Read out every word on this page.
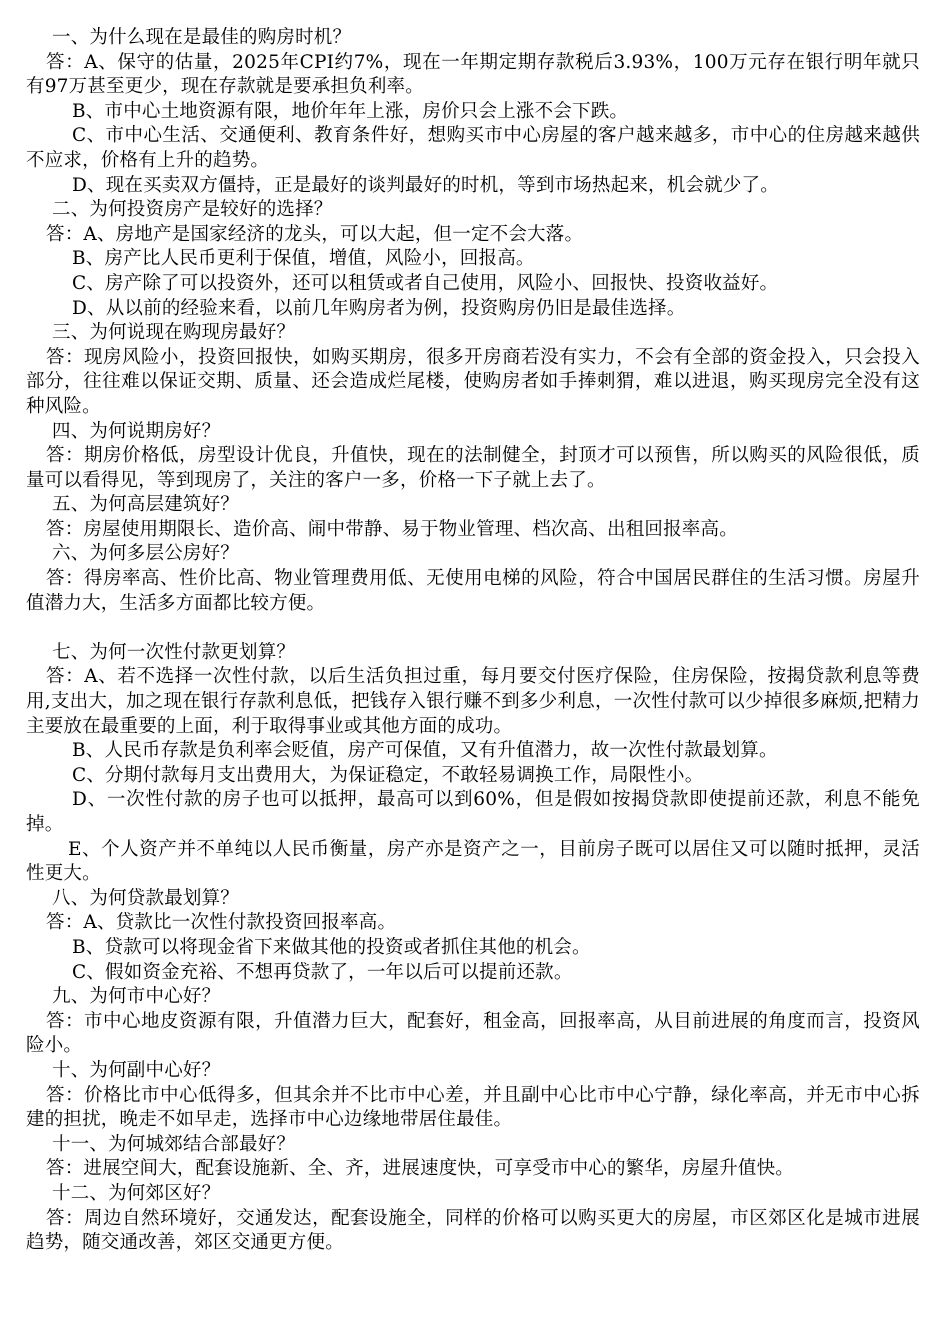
一、为什么现在是最佳的购房时机？

答：A、保守的估量，2025年CPI约7%，现在一年期定期存款税后3.93%，100万元存在银行明年就只有97万甚至更少，现在存款就是要承担负利率。

B、市中心土地资源有限，地价年年上涨，房价只会上涨不会下跌。

C、市中心生活、交通便利、教育条件好，想购买市中心房屋的客户越来越多，市中心的住房越来越供不应求，价格有上升的趋势。

D、现在买卖双方僵持，正是最好的谈判最好的时机，等到市场热起来，机会就少了。

二、为何投资房产是较好的选择？

答：A、房地产是国家经济的龙头，可以大起，但一定不会大落。

B、房产比人民币更利于保值，增值，风险小，回报高。

C、房产除了可以投资外，还可以租赁或者自己使用，风险小、回报快、投资收益好。

D、从以前的经验来看，以前几年购房者为例，投资购房仍旧是最佳选择。

三、为何说现在购现房最好？

答：现房风险小，投资回报快，如购买期房，很多开房商若没有实力，不会有全部的资金投入，只会投入部分，往往难以保证交期、质量、还会造成烂尾楼，使购房者如手捧刺猬，难以进退，购买现房完全没有这种风险。

四、为何说期房好？

答：期房价格低，房型设计优良，升值快，现在的法制健全，封顶才可以预售，所以购买的风险很低，质量可以看得见，等到现房了，关注的客户一多，价格一下子就上去了。

五、为何高层建筑好？

答：房屋使用期限长、造价高、闹中带静、易于物业管理、档次高、出租回报率高。

六、为何多层公房好？

答：得房率高、性价比高、物业管理费用低、无使用电梯的风险，符合中国居民群住的生活习惯。房屋升值潜力大，生活多方面都比较方便。

七、为何一次性付款更划算？

答：A、若不选择一次性付款，以后生活负担过重，每月要交付医疗保险，住房保险，按揭贷款利息等费用,支出大，加之现在银行存款利息低，把钱存入银行赚不到多少利息，一次性付款可以少掉很多麻烦,把精力主要放在最重要的上面，利于取得事业或其他方面的成功。

B、人民币存款是负利率会贬值，房产可保值，又有升值潜力，故一次性付款最划算。

C、分期付款每月支出费用大，为保证稳定，不敢轻易调换工作，局限性小。

D、一次性付款的房子也可以抵押，最高可以到60%，但是假如按揭贷款即使提前还款，利息不能免掉。

E、个人资产并不单纯以人民币衡量，房产亦是资产之一，目前房子既可以居住又可以随时抵押，灵活性更大。

八、为何贷款最划算？

答：A、贷款比一次性付款投资回报率高。

B、贷款可以将现金省下来做其他的投资或者抓住其他的机会。

C、假如资金充裕、不想再贷款了，一年以后可以提前还款。

九、为何市中心好？

答：市中心地皮资源有限，升值潜力巨大，配套好，租金高，回报率高，从目前进展的角度而言，投资风险小。

十、为何副中心好？

答：价格比市中心低得多，但其余并不比市中心差，并且副中心比市中心宁静，绿化率高，并无市中心拆建的担扰，晚走不如早走，选择市中心边缘地带居住最佳。

十一、为何城郊结合部最好？

答：进展空间大，配套设施新、全、齐，进展速度快，可享受市中心的繁华，房屋升值快。

十二、为何郊区好？

答：周边自然环境好，交通发达，配套设施全，同样的价格可以购买更大的房屋，市区郊区化是城市进展趋势，随交通改善，郊区交通更方便。
